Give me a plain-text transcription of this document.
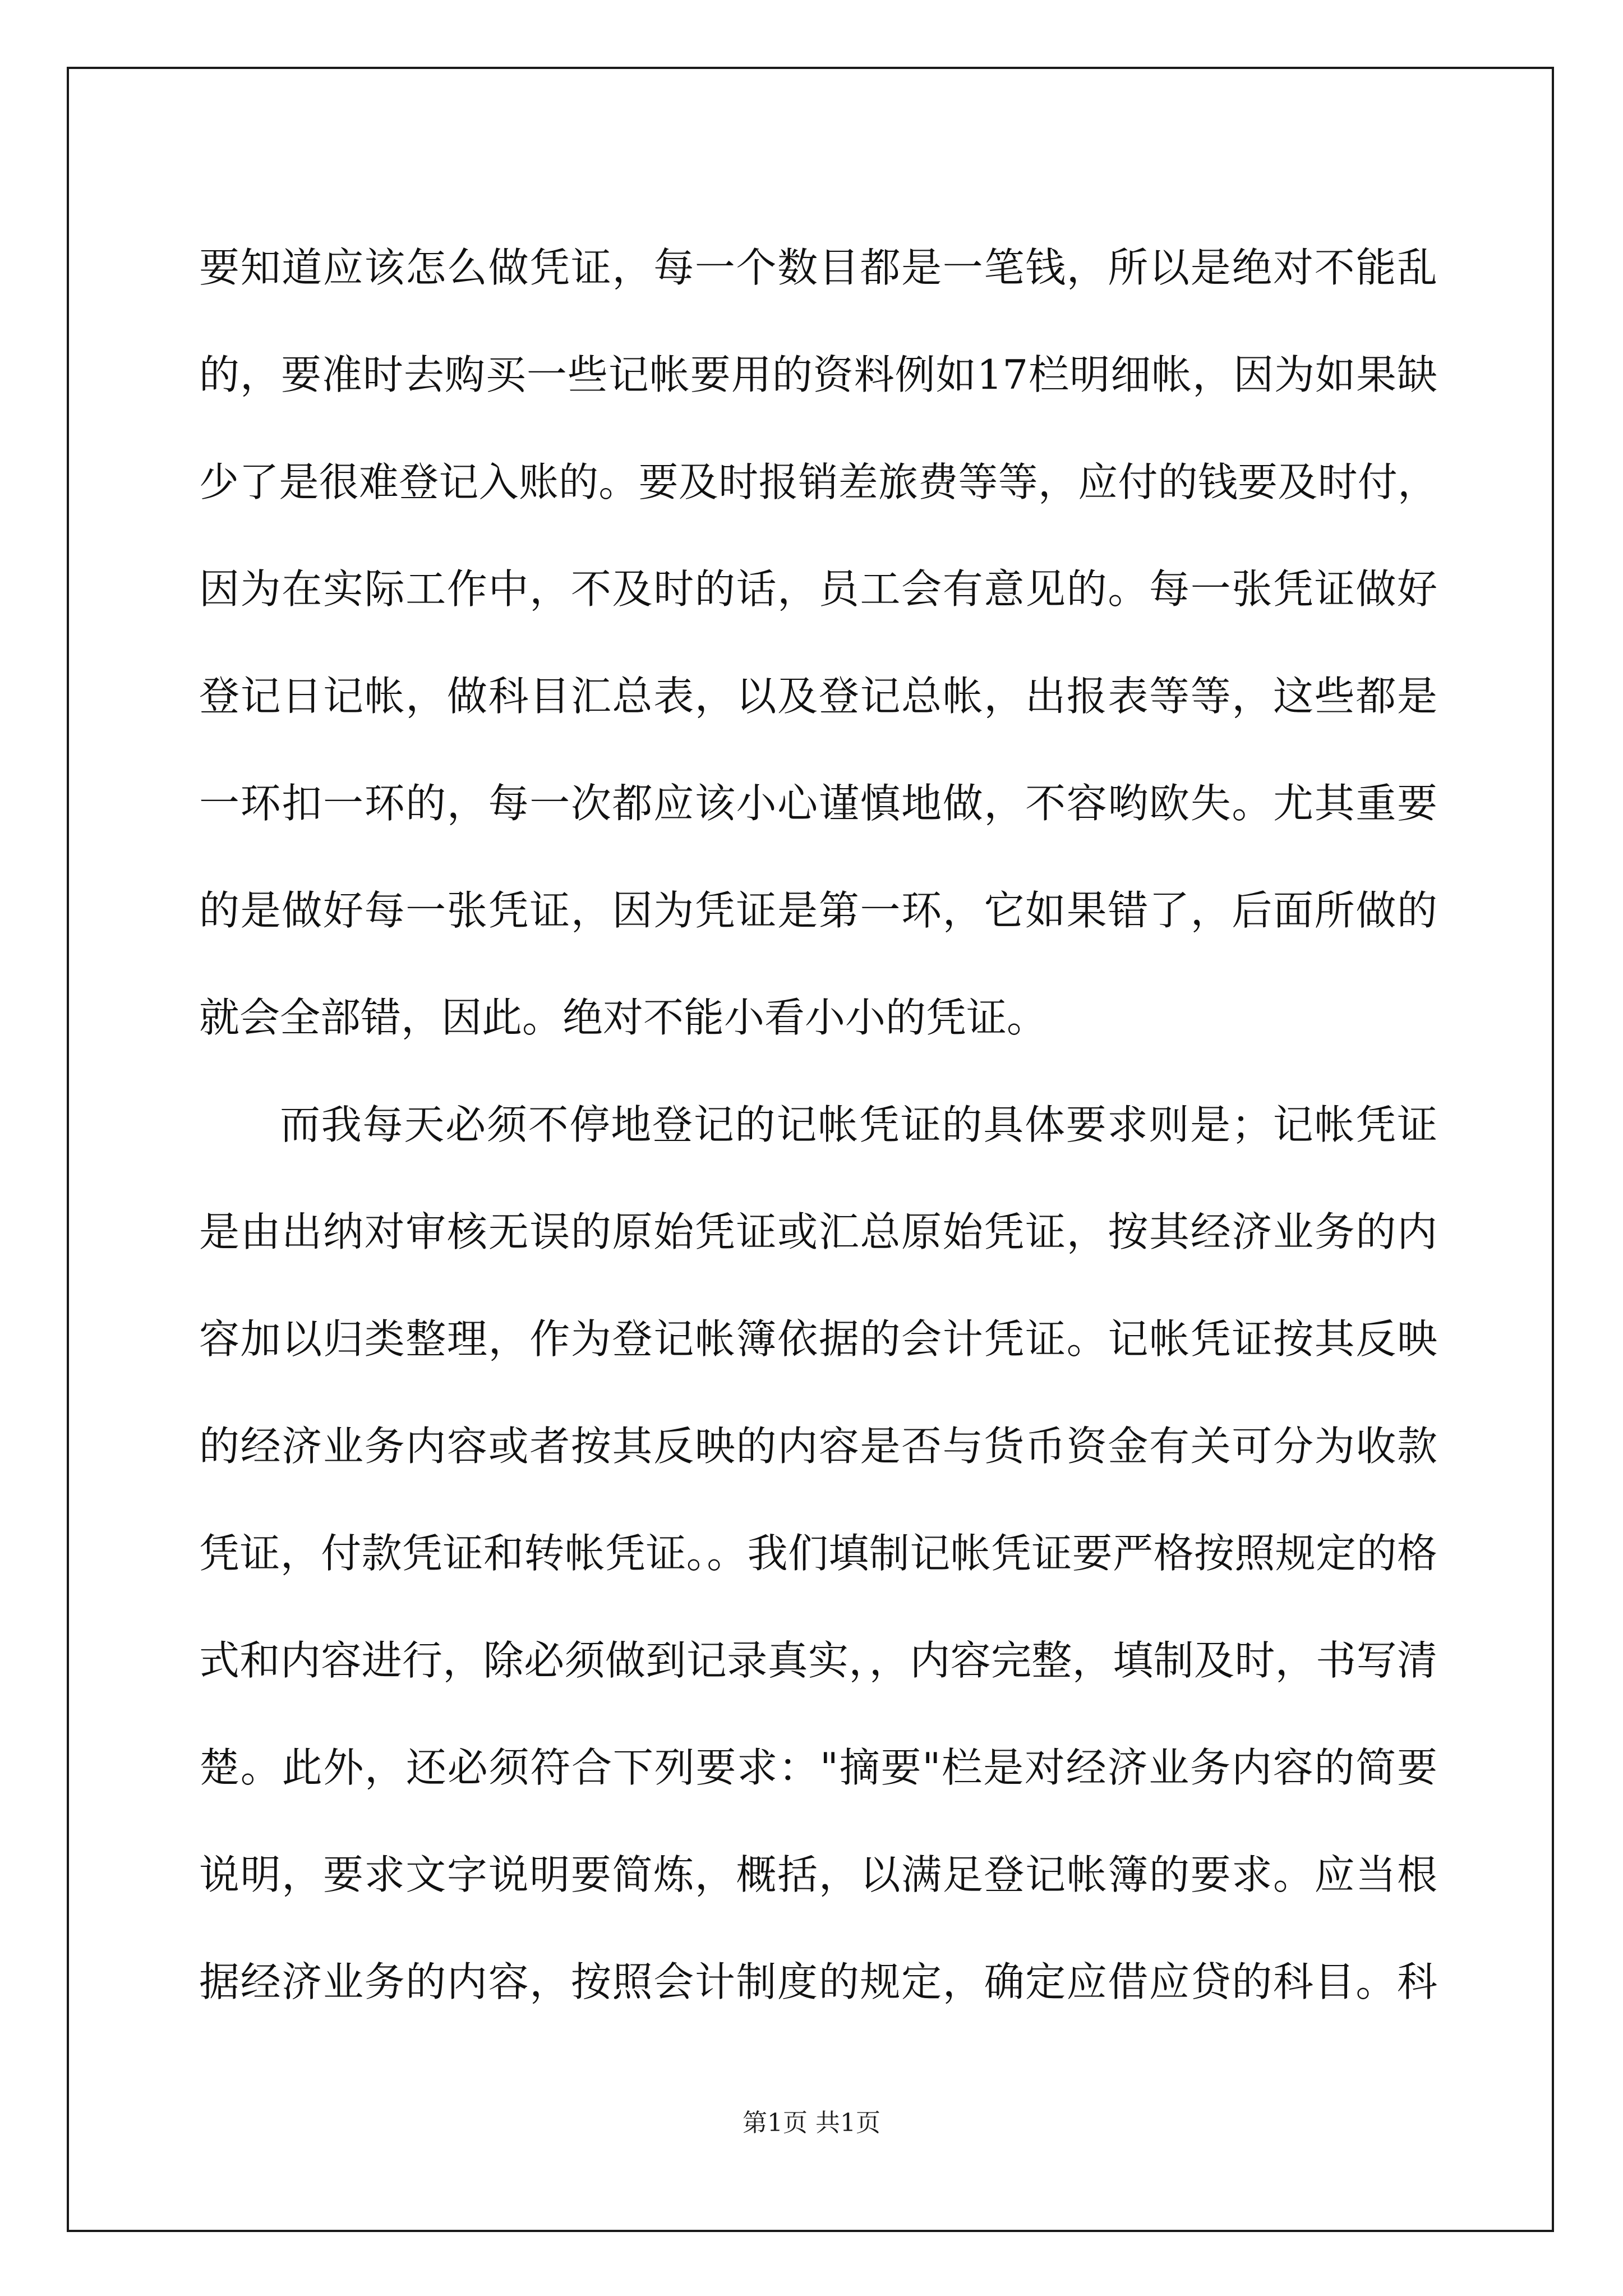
要知道应该怎么做凭证，每一个数目都是一笔钱，所以是绝对不能乱
的，要准时去购买一些记帐要用的资料例如17栏明细帐，因为如果缺
少了是很难登记入账的。要及时报销差旅费等等，应付的钱要及时付，
因为在实际工作中，不及时的话，员工会有意见的。每一张凭证做好
登记日记帐，做科目汇总表，以及登记总帐，出报表等等，这些都是
一环扣一环的，每一次都应该小心谨慎地做，不容哟欧失。尤其重要
的是做好每一张凭证，因为凭证是第一环，它如果错了，后面所做的
就会全部错，因此。绝对不能小看小小的凭证。
而我每天必须不停地登记的记帐凭证的具体要求则是；记帐凭证
是由出纳对审核无误的原始凭证或汇总原始凭证，按其经济业务的内
容加以归类整理，作为登记帐簿依据的会计凭证。记帐凭证按其反映
的经济业务内容或者按其反映的内容是否与货币资金有关可分为收款
凭证，付款凭证和转帐凭证。。我们填制记帐凭证要严格按照规定的格
式和内容进行，除必须做到记录真实，，内容完整，填制及时，书写清
楚。此外，还必须符合下列要求："摘要"栏是对经济业务内容的简要
说明，要求文字说明要简炼，概括，以满足登记帐簿的要求。应当根
据经济业务的内容，按照会计制度的规定，确定应借应贷的科目。科
第1页 共1页
